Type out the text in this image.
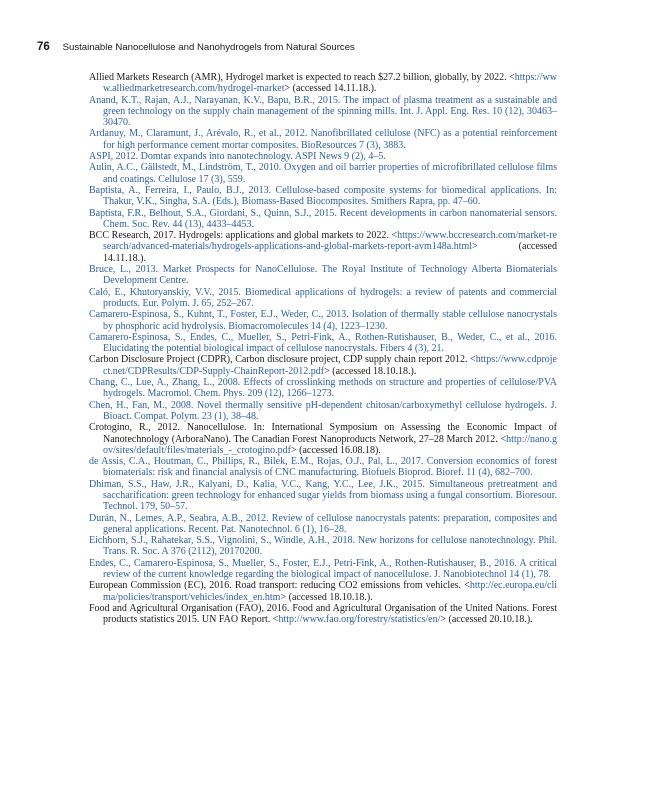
76 Sustainable Nanocellulose and Nanohydrogels from Natural Sources

Allied Markets Research (AMR), Hydrogel market is expected to reach $27.2 billion, globally, by 2022. <https://www.alliedmarketresearch.com/hydrogel-market> (accessed 14.11.18.).

Anand, K.T., Rajan, A.J., Narayanan, K.V., Bapu, B.R., 2015. The impact of plasma treatment as a sustainable and green technology on the supply chain management of the spinning mills. Int. J. Appl. Eng. Res. 10 (12), 30463–30470.

Ardanuy, M., Claramunt, J., Arévalo, R., et al., 2012. Nanofibrillated cellulose (NFC) as a potential reinforcement for high performance cement mortar composites. BioResources 7 (3), 3883.

ASPI, 2012. Domtar expands into nanotechnology. ASPI News 9 (2), 4–5.

Aulin, A.C., Gällstedt, M., Lindström, T., 2010. Oxygen and oil barrier properties of microfibrillated cellulose films and coatings. Cellulose 17 (3), 559.

Baptista, A., Ferreira, I., Paulo, B.J., 2013. Cellulose-based composite systems for biomedical applications. In: Thakur, V.K., Singha, S.A. (Eds.), Biomass-Based Biocomposites. Smithers Rapra, pp. 47–60.

Baptista, F.R., Belhout, S.A., Giordani, S., Quinn, S.J., 2015. Recent developments in carbon nanomaterial sensors. Chem. Soc. Rev. 44 (13), 4433–4453.

BCC Research, 2017. Hydrogels: applications and global markets to 2022. <https://www.bccresearch.com/market-research/advanced-materials/hydrogels-applications-and-global-markets-report-avm148a.html> (accessed 14.11.18.).

Bruce, L., 2013. Market Prospects for NanoCellulose. The Royal Institute of Technology Alberta Biomaterials Development Centre.

Caló, E., Khutoryanskiy, V.V., 2015. Biomedical applications of hydrogels: a review of patents and commercial products. Eur. Polym. J. 65, 252–267.

Camarero-Espinosa, S., Kuhnt, T., Foster, E.J., Weder, C., 2013. Isolation of thermally stable cellulose nanocrystals by phosphoric acid hydrolysis. Biomacromolecules 14 (4), 1223–1230.

Camarero-Espinosa, S., Endes, C., Mueller, S., Petri-Fink, A., Rothen-Rutishauser, B., Weder, C., et al., 2016. Elucidating the potential biological impact of cellulose nanocrystals. Fibers 4 (3), 21.

Carbon Disclosure Project (CDPR), Carbon disclosure project, CDP supply chain report 2012. <https://www.cdproject.net/CDPResults/CDP-Supply-ChainReport-2012.pdf> (accessed 18.10.18.).

Chang, C., Lue, A., Zhang, L., 2008. Effects of crosslinking methods on structure and properties of cellulose/PVA hydrogels. Macromol. Chem. Phys. 209 (12), 1266–1273.

Chen, H., Fan, M., 2008. Novel thermally sensitive pH-dependent chitosan/carboxymethyl cellulose hydrogels. J. Bioact. Compat. Polym. 23 (1), 38–48.

Crotogino, R., 2012. Nanocellulose. In: International Symposium on Assessing the Economic Impact of Nanotechnology (ArboraNano). The Canadian Forest Nanoproducts Network, 27–28 March 2012. <http://nano.gov/sites/default/files/materials_-_crotogino.pdf> (accessed 16.08.18).

de Assis, C.A., Houtman, C., Phillips, R., Bilek, E.M., Rojas, O.J., Pal, L., 2017. Conversion economics of forest biomaterials: risk and financial analysis of CNC manufacturing. Biofuels Bioprod. Bioref. 11 (4), 682–700.

Dhiman, S.S., Haw, J.R., Kalyani, D., Kalia, V.C., Kang, Y.C., Lee, J.K., 2015. Simultaneous pretreatment and saccharification: green technology for enhanced sugar yields from biomass using a fungal consortium. Bioresour. Technol. 179, 50–57.

Durán, N., Lemes, A.P., Seabra, A.B., 2012. Review of cellulose nanocrystals patents: preparation, composites and general applications. Recent. Pat. Nanotechnol. 6 (1), 16–28.

Eichhorn, S.J., Rahatekar, S.S., Vignolini, S., Windle, A.H., 2018. New horizons for cellulose nanotechnology. Phil. Trans. R. Soc. A 376 (2112), 20170200.

Endes, C., Camarero-Espinosa, S., Mueller, S., Foster, E.J., Petri-Fink, A., Rothen-Rutishauser, B., 2016. A critical review of the current knowledge regarding the biological impact of nanocellulose. J. Nanobiotechnol 14 (1), 78.

European Commission (EC), 2016. Road transport: reducing CO2 emissions from vehicles. <http://ec.europa.eu/clima/policies/transport/vehicles/index_en.htm> (accessed 18.10.18.).

Food and Agricultural Organisation (FAO), 2016. Food and Agricultural Organisation of the United Nations. Forest products statistics 2015. UN FAO Report. <http://www.fao.org/forestry/statistics/en/> (accessed 20.10.18.).
